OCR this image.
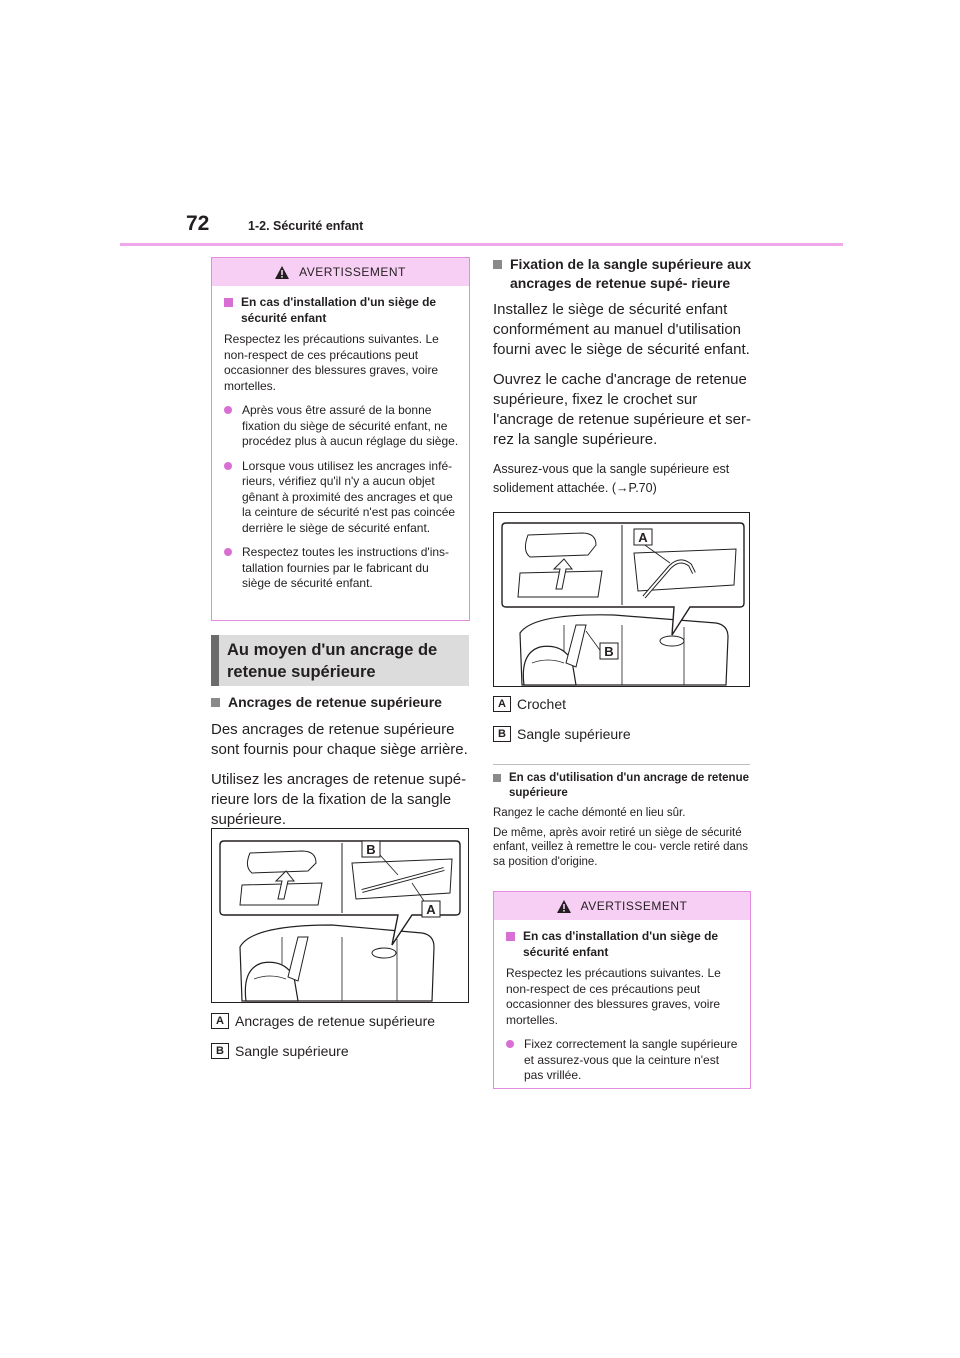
72	1-2. Sécurité enfant
AVERTISSEMENT
En cas d'installation d'un siège de sécurité enfant
Respectez les précautions suivantes. Le non-respect de ces précautions peut occasionner des blessures graves, voire mortelles.
Après vous être assuré de la bonne fixation du siège de sécurité enfant, ne procédez plus à aucun réglage du siège.
Lorsque vous utilisez les ancrages infé- rieurs, vérifiez qu'il n'y a aucun objet gênant à proximité des ancrages et que la ceinture de sécurité n'est pas coincée derrière le siège de sécurité enfant.
Respectez toutes les instructions d'ins- tallation fournies par le fabricant du siège de sécurité enfant.
Au moyen d'un ancrage de retenue supérieure
Ancrages de retenue supérieure
Des ancrages de retenue supérieure sont fournis pour chaque siège arrière.
Utilisez les ancrages de retenue supé- rieure lors de la fixation de la sangle supérieure.
B
A
A Ancrages de retenue supérieure
B Sangle supérieure
Fixation de la sangle supérieure aux ancrages de retenue supé- rieure
Installez le siège de sécurité enfant conformément au manuel d'utilisation fourni avec le siège de sécurité enfant.
Ouvrez le cache d'ancrage de retenue supérieure, fixez le crochet sur l'ancrage de retenue supérieure et ser- rez la sangle supérieure.
Assurez-vous que la sangle supérieure est solidement attachée. (→P.70)
A
B
A Crochet
B Sangle supérieure
En cas d'utilisation d'un ancrage de retenue supérieure
Rangez le cache démonté en lieu sûr.
De même, après avoir retiré un siège de sécurité enfant, veillez à remettre le cou- vercle retiré dans sa position d'origine.
AVERTISSEMENT
En cas d'installation d'un siège de sécurité enfant
Respectez les précautions suivantes. Le non-respect de ces précautions peut occasionner des blessures graves, voire mortelles.
Fixez correctement la sangle supérieure et assurez-vous que la ceinture n'est pas vrillée.
